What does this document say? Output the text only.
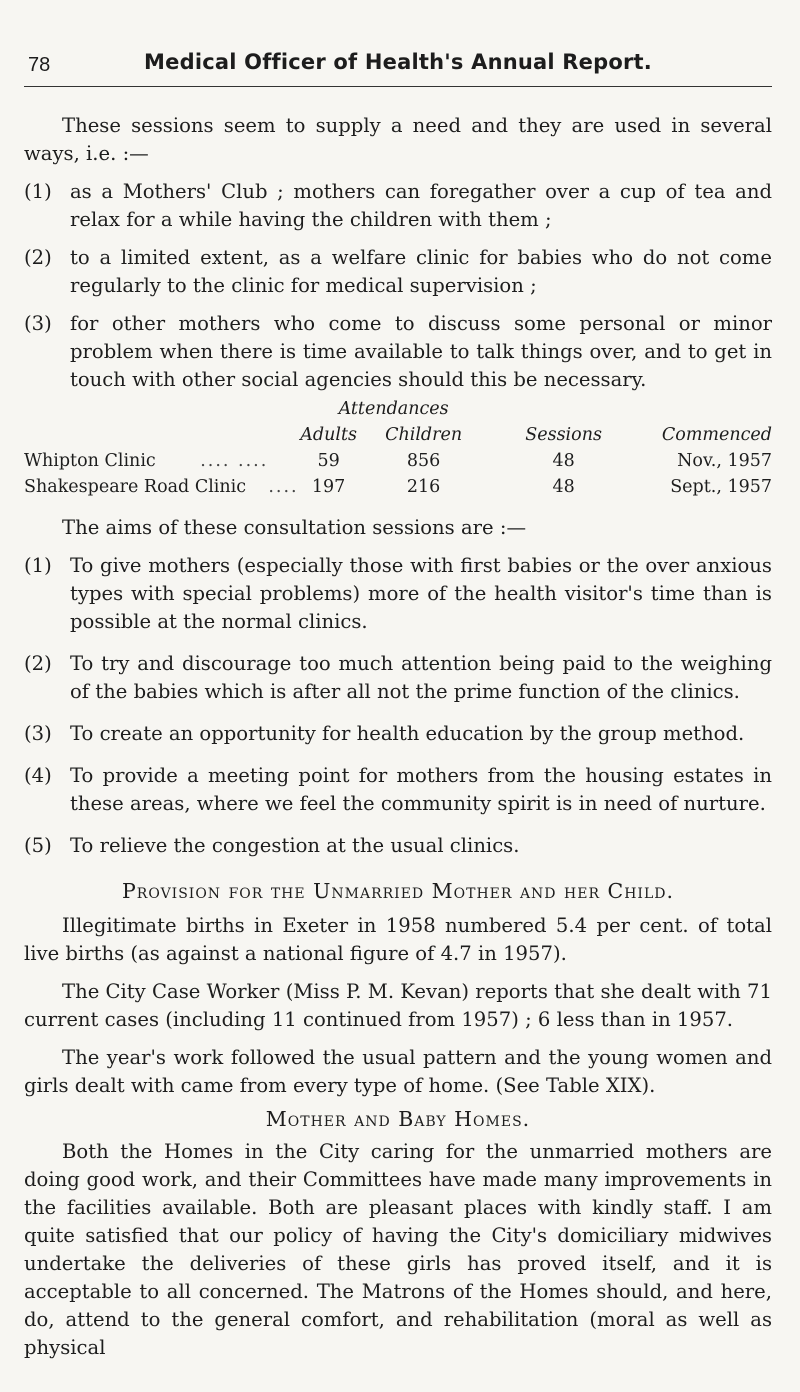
78	Medical Officer of Health's Annual Report.

These sessions seem to supply a need and they are used in several ways, i.e. :—

(1) as a Mothers' Club ; mothers can foregather over a cup of tea and relax for a while having the children with them ;
(2) to a limited extent, as a welfare clinic for babies who do not come regularly to the clinic for medical supervision ;
(3) for other mothers who come to discuss some personal or minor problem when there is time available to talk things over, and to get in touch with other social agencies should this be necessary.
	Attendances			
	Adults	Children	Sessions	Commenced
Whipton Clinic .... ....	59	856	48	Nov., 1957
Shakespeare Road Clinic ....	197	216	48	Sept., 1957

The aims of these consultation sessions are :—

(1) To give mothers (especially those with first babies or the over anxious types with special problems) more of the health visitor's time than is possible at the normal clinics.
(2) To try and discourage too much attention being paid to the weighing of the babies which is after all not the prime function of the clinics.
(3) To create an opportunity for health education by the group method.
(4) To provide a meeting point for mothers from the housing estates in these areas, where we feel the community spirit is in need of nurture.
(5) To relieve the congestion at the usual clinics.
Provision for the Unmarried Mother and her Child.

Illegitimate births in Exeter in 1958 numbered 5.4 per cent. of total live births (as against a national figure of 4.7 in 1957).

The City Case Worker (Miss P. M. Kevan) reports that she dealt with 71 current cases (including 11 continued from 1957) ; 6 less than in 1957.

The year's work followed the usual pattern and the young women and girls dealt with came from every type of home. (See Table XIX).

Mother and Baby Homes.

Both the Homes in the City caring for the unmarried mothers are doing good work, and their Committees have made many improvements in the facilities available. Both are pleasant places with kindly staff. I am quite satisfied that our policy of having the City's domiciliary midwives undertake the deliveries of these girls has proved itself, and it is acceptable to all concerned. The Matrons of the Homes should, and here, do, attend to the general comfort, and rehabilitation (moral as well as physical
